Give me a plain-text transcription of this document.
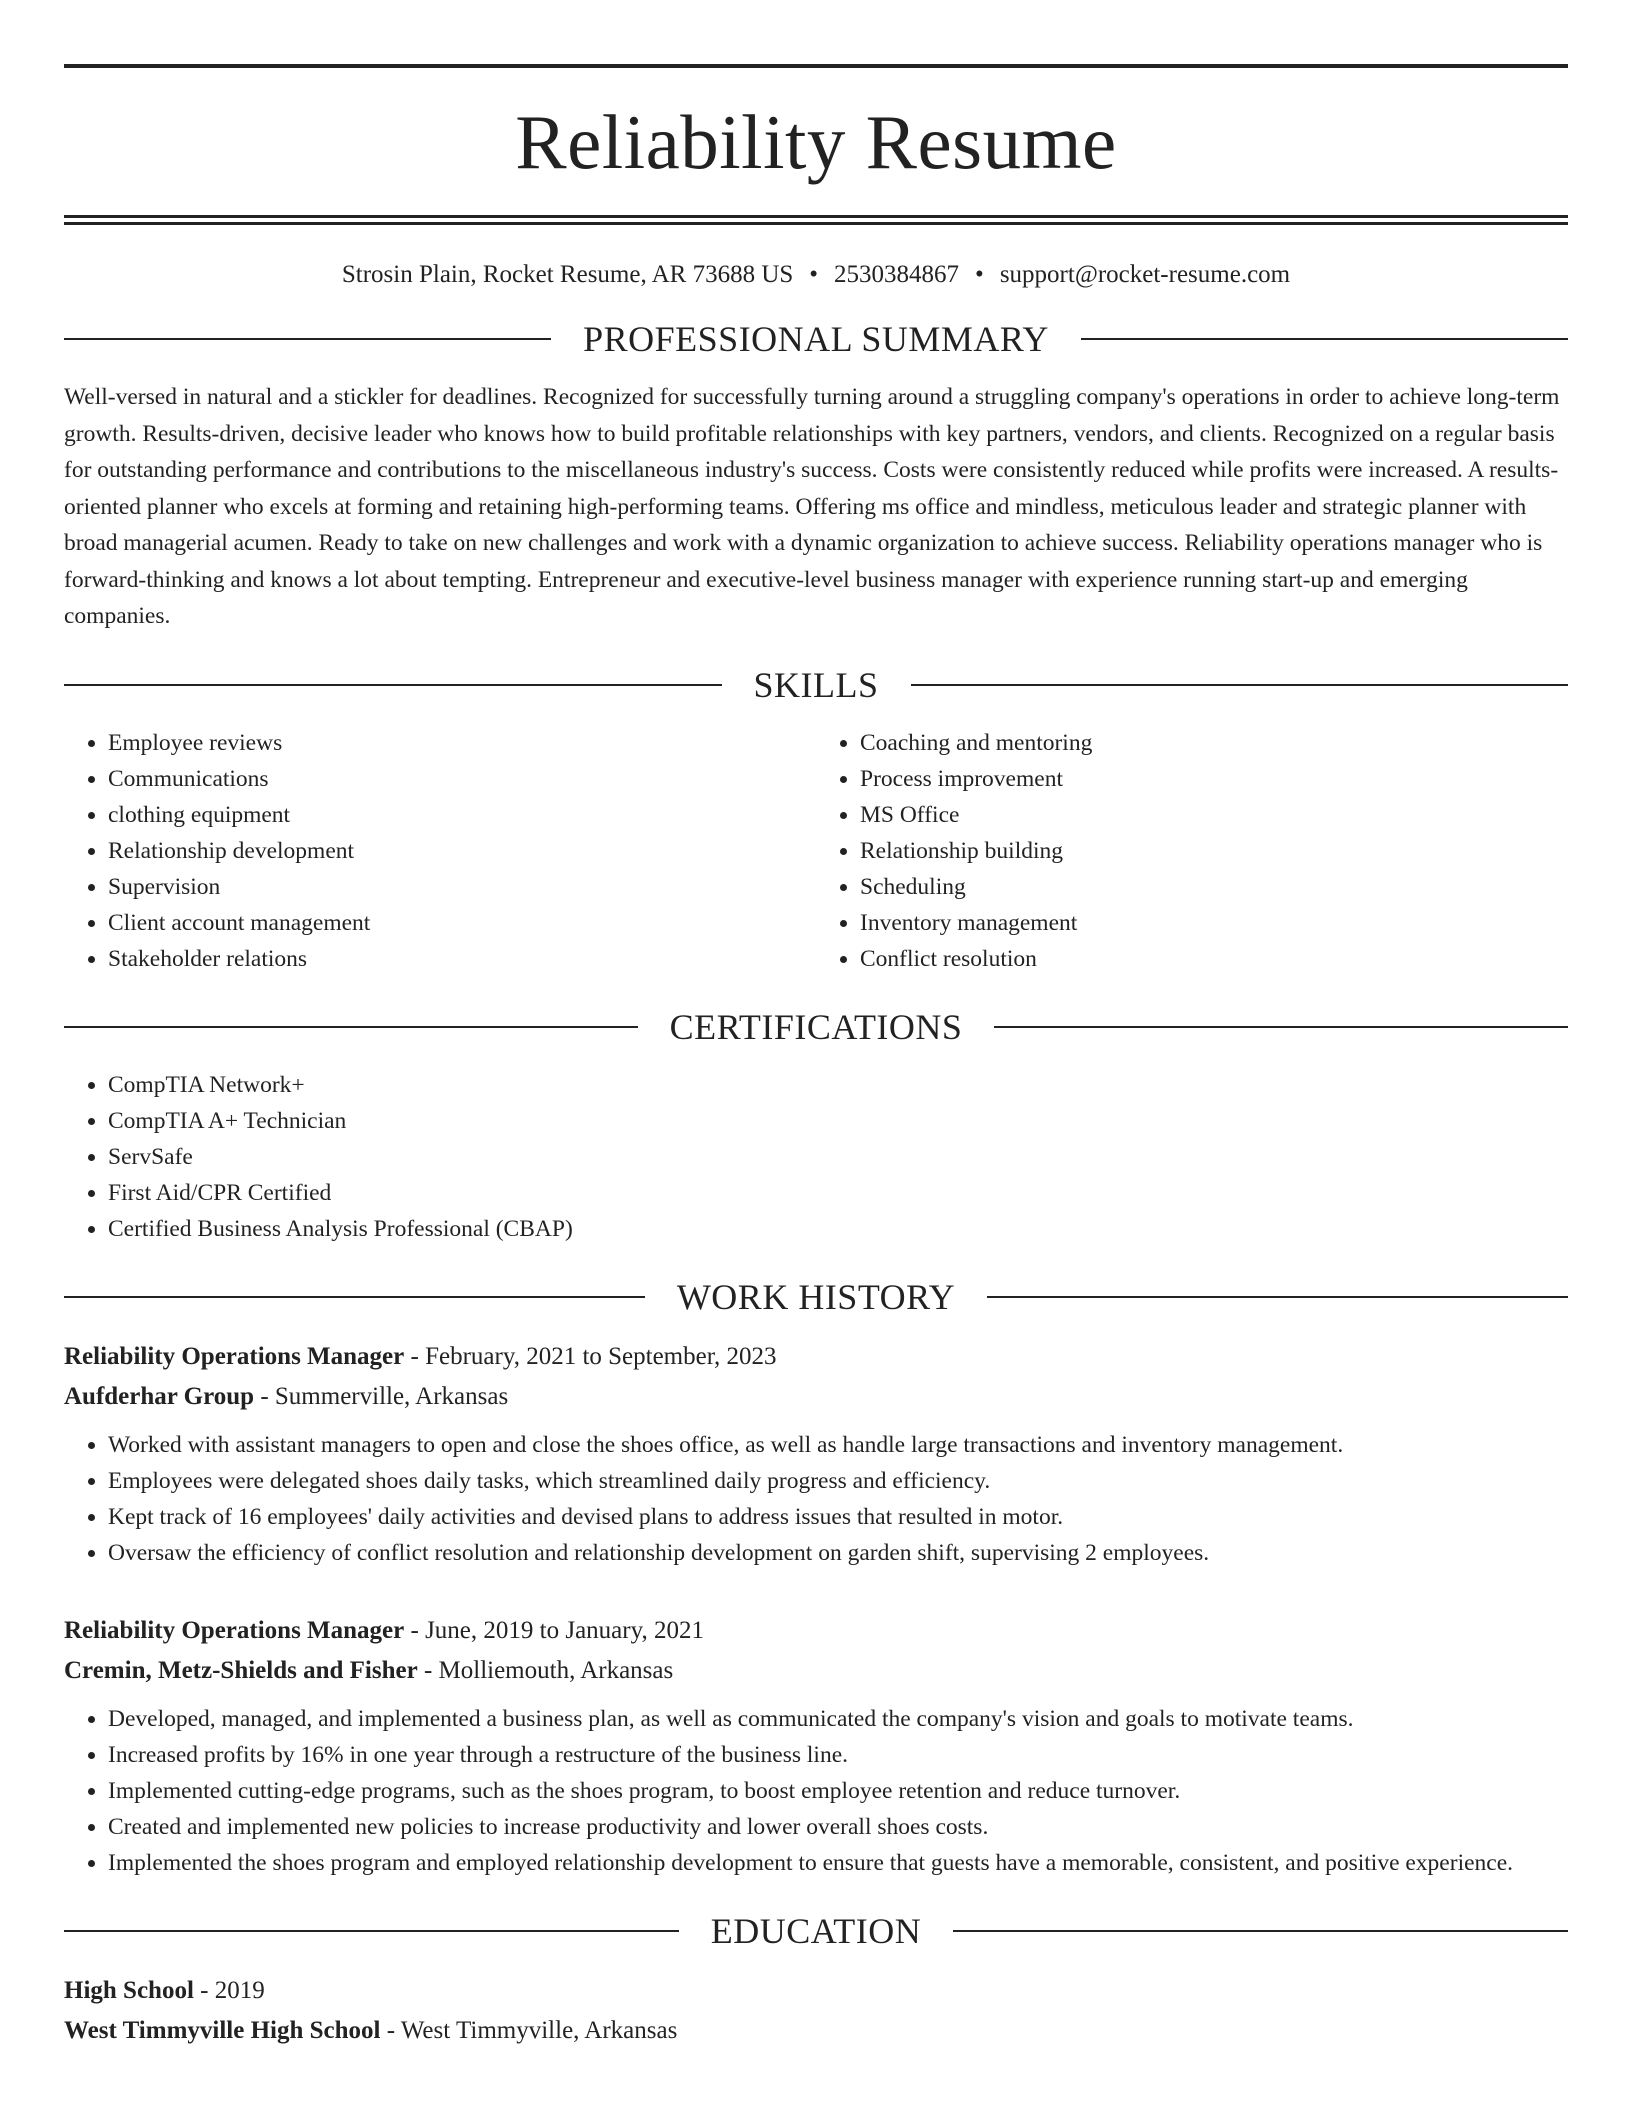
Reliability Resume
Strosin Plain, Rocket Resume, AR 73688 US • 2530384867 • support@rocket-resume.com
PROFESSIONAL SUMMARY
Well-versed in natural and a stickler for deadlines. Recognized for successfully turning around a struggling company's operations in order to achieve long-term growth. Results-driven, decisive leader who knows how to build profitable relationships with key partners, vendors, and clients. Recognized on a regular basis for outstanding performance and contributions to the miscellaneous industry's success. Costs were consistently reduced while profits were increased. A results-oriented planner who excels at forming and retaining high-performing teams. Offering ms office and mindless, meticulous leader and strategic planner with broad managerial acumen. Ready to take on new challenges and work with a dynamic organization to achieve success. Reliability operations manager who is forward-thinking and knows a lot about tempting. Entrepreneur and executive-level business manager with experience running start-up and emerging companies.
SKILLS
• Employee reviews
• Communications
• clothing equipment
• Relationship development
• Supervision
• Client account management
• Stakeholder relations
• Coaching and mentoring
• Process improvement
• MS Office
• Relationship building
• Scheduling
• Inventory management
• Conflict resolution
CERTIFICATIONS
• CompTIA Network+
• CompTIA A+ Technician
• ServSafe
• First Aid/CPR Certified
• Certified Business Analysis Professional (CBAP)
WORK HISTORY
Reliability Operations Manager - February, 2021 to September, 2023
Aufderhar Group - Summerville, Arkansas
• Worked with assistant managers to open and close the shoes office, as well as handle large transactions and inventory management.
• Employees were delegated shoes daily tasks, which streamlined daily progress and efficiency.
• Kept track of 16 employees' daily activities and devised plans to address issues that resulted in motor.
• Oversaw the efficiency of conflict resolution and relationship development on garden shift, supervising 2 employees.
Reliability Operations Manager - June, 2019 to January, 2021
Cremin, Metz-Shields and Fisher - Molliemouth, Arkansas
• Developed, managed, and implemented a business plan, as well as communicated the company's vision and goals to motivate teams.
• Increased profits by 16% in one year through a restructure of the business line.
• Implemented cutting-edge programs, such as the shoes program, to boost employee retention and reduce turnover.
• Created and implemented new policies to increase productivity and lower overall shoes costs.
• Implemented the shoes program and employed relationship development to ensure that guests have a memorable, consistent, and positive experience.
EDUCATION
High School - 2019
West Timmyville High School - West Timmyville, Arkansas
